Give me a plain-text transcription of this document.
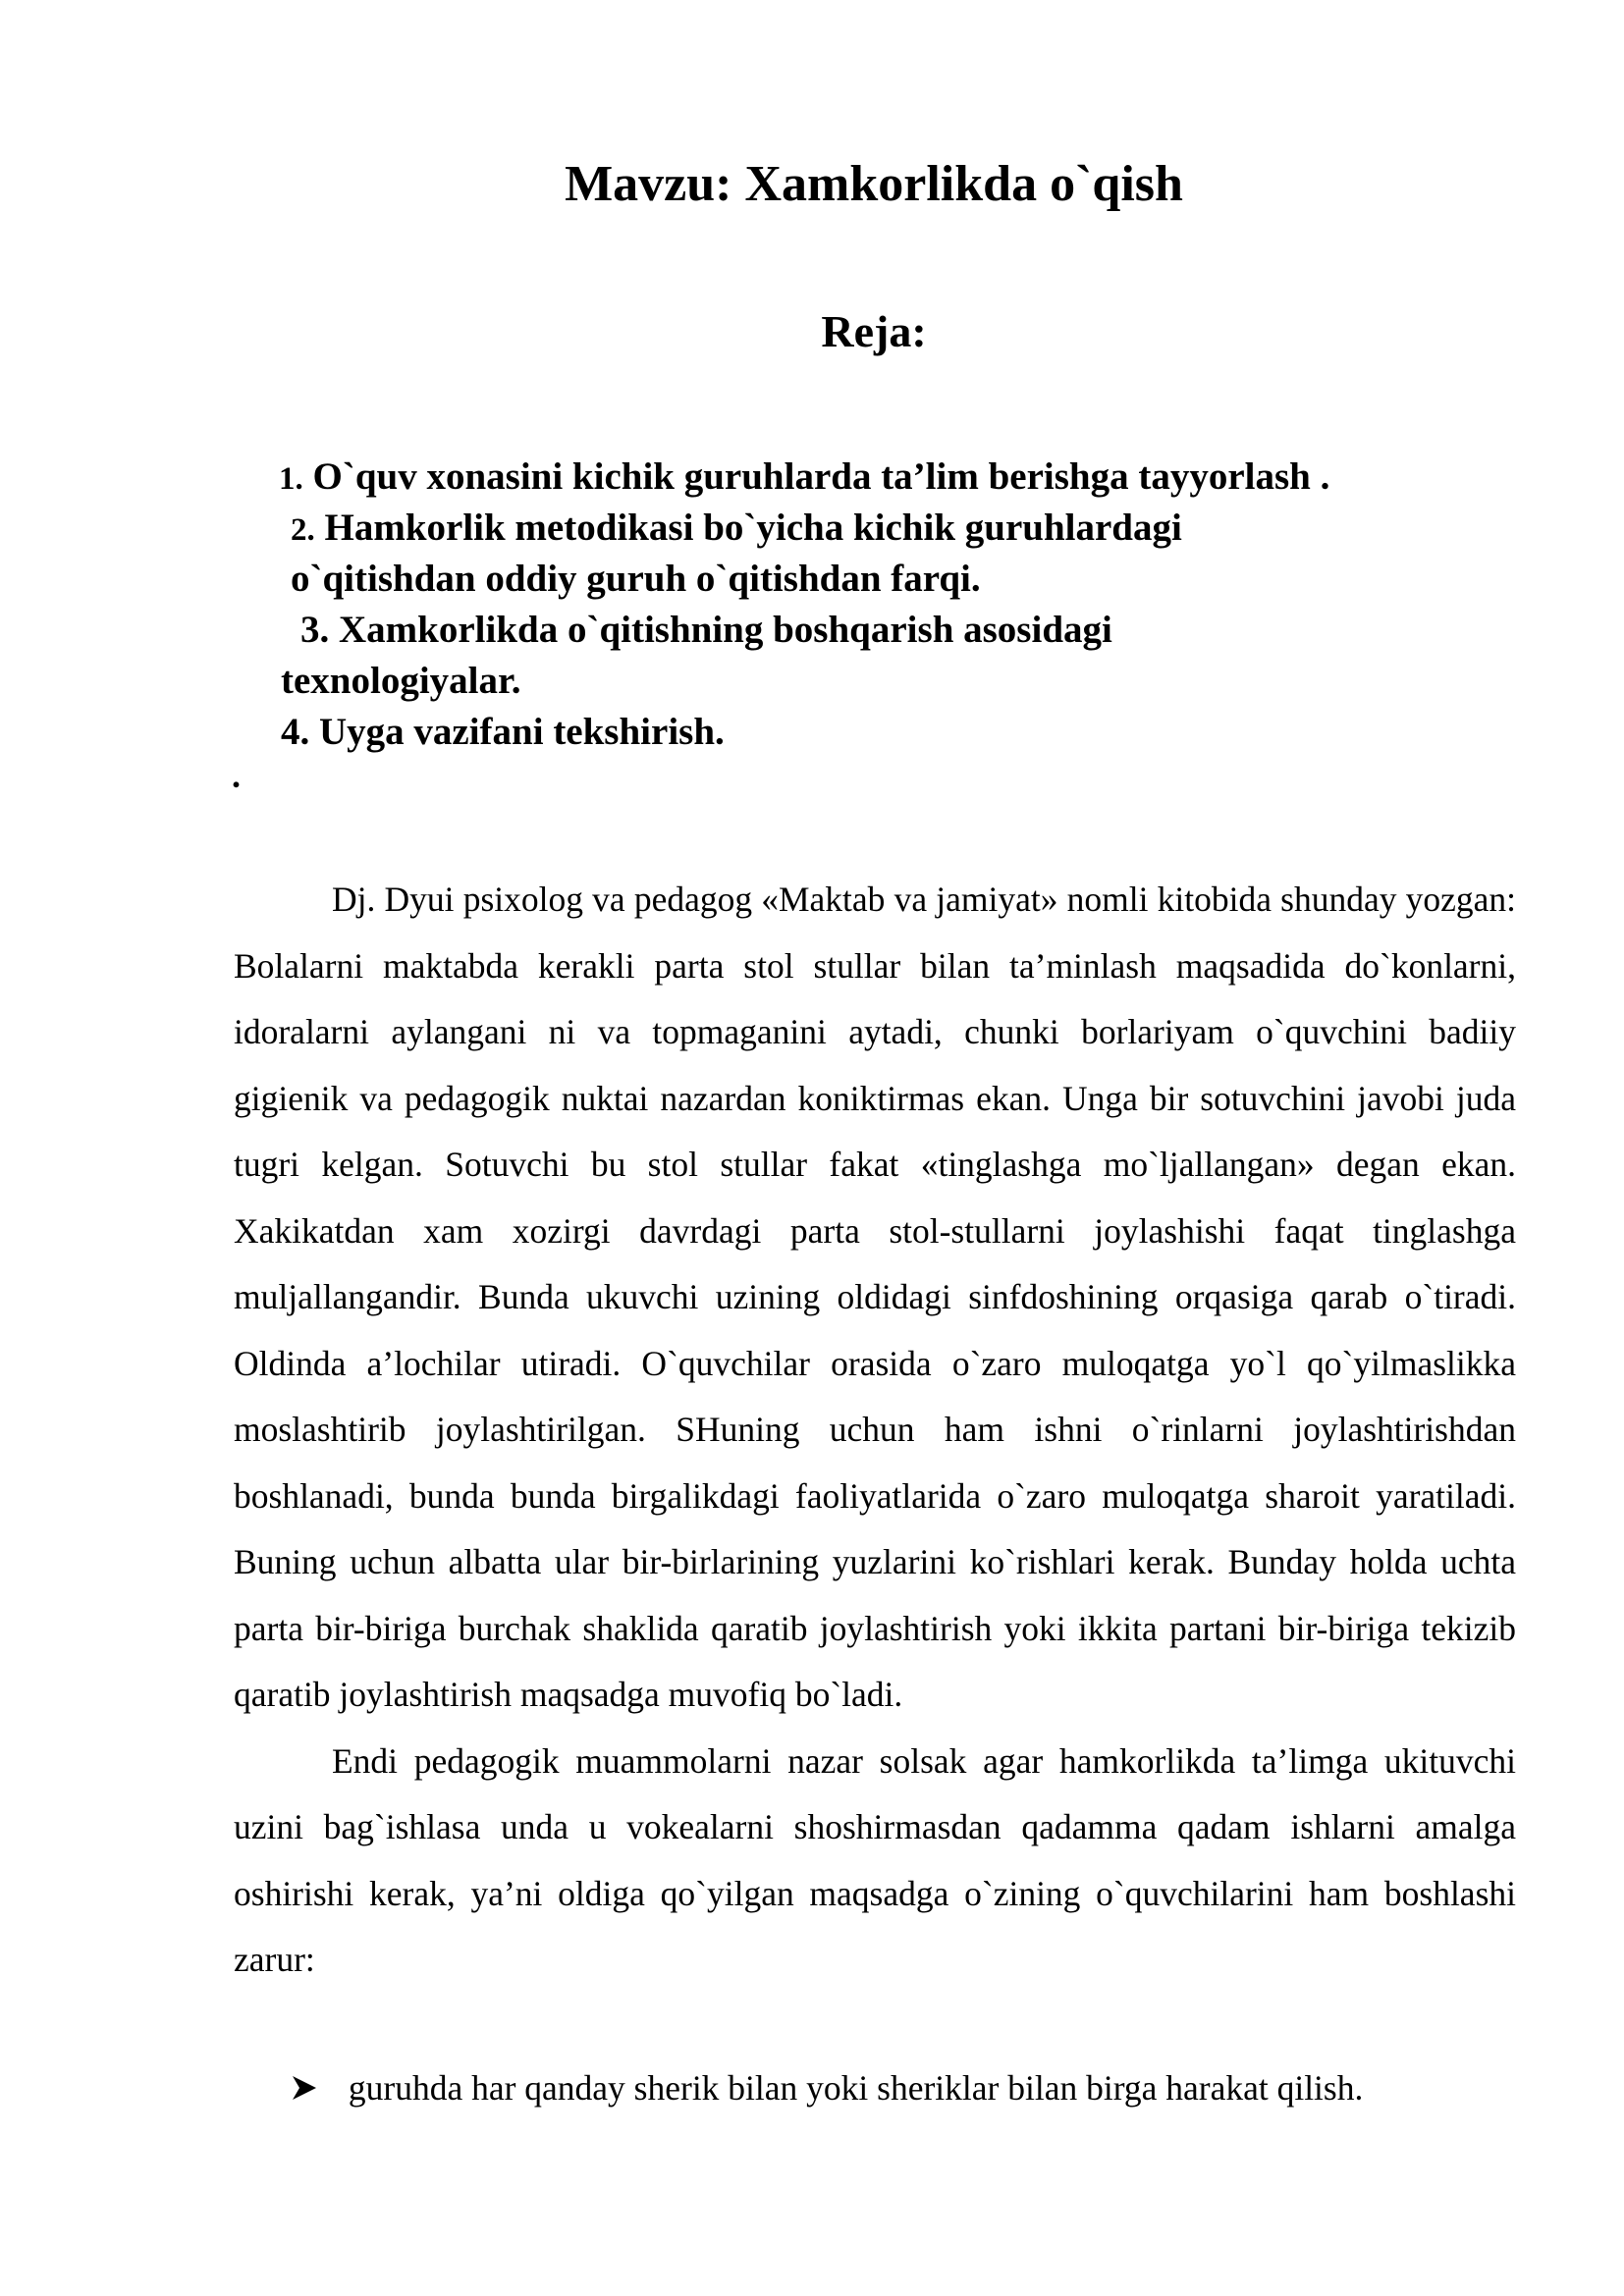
Mavzu: Xamkorlikda o`qish
Reja:
1. O`quv xonasini kichik guruhlarda ta’lim berishga tayyorlash .
2. Hamkorlik metodikasi bo`yicha kichik guruhlardagi
o`qitishdan oddiy guruh o`qitishdan farqi.
3. Xamkorlikda o`qitishning boshqarish asosidagi
texnologiyalar.
4. Uyga vazifani tekshirish.
.

Dj. Dyui psixolog va pedagog «Maktab va jamiyat» nomli kitobida shunday yozgan: Bolalarni maktabda kerakli parta stol stullar bilan ta’minlash maqsadida do`konlarni, idoralarni aylangani ni va topmaganini aytadi, chunki borlariyam o`quvchini badiiy gigienik va pedagogik nuktai nazardan koniktirmas ekan. Unga bir sotuvchini javobi juda tugri kelgan. Sotuvchi bu stol stullar fakat «tinglashga mo`ljallangan» degan ekan. Xakikatdan xam xozirgi davrdagi parta stol-stullarni joylashishi faqat tinglashga muljallangandir. Bunda ukuvchi uzining oldidagi sinfdoshining orqasiga qarab o`tiradi. Oldinda a’lochilar utiradi. O`quvchilar orasida o`zaro muloqatga yo`l qo`yilmaslikka moslashtirib joylashtirilgan. SHuning uchun ham ishni o`rinlarni joylashtirishdan boshlanadi, bunda bunda birgalikdagi faoliyatlarida o`zaro muloqatga sharoit yaratiladi. Buning uchun albatta ular bir-birlarining yuzlarini ko`rishlari kerak. Bunday holda uchta parta bir-biriga burchak shaklida qaratib joylashtirish yoki ikkita partani bir-biriga tekizib qaratib joylashtirish maqsadga muvofiq bo`ladi.

Endi pedagogik muammolarni nazar solsak agar hamkorlikda ta’limga ukituvchi uzini bag`ishlasa unda u vokealarni shoshirmasdan qadamma qadam ishlarni amalga oshirishi kerak, ya’ni oldiga qo`yilgan maqsadga o`zining o`quvchilarini ham boshlashi zarur:

guruhda har qanday sherik bilan yoki sheriklar bilan birga harakat qilish.
